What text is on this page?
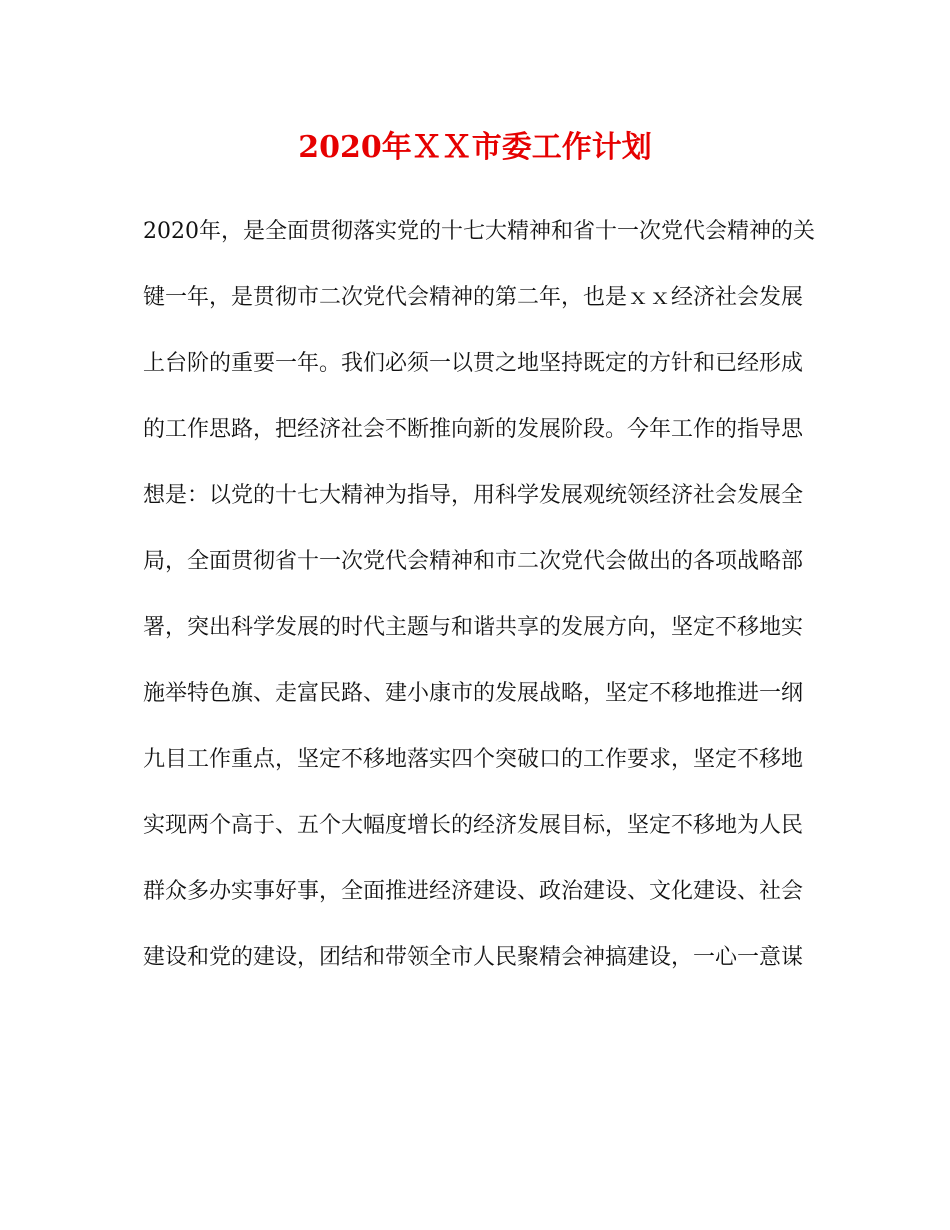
2020年ＸＸ市委工作计划
2020年，是全面贯彻落实党的十七大精神和省十一次党代会精神的关
键一年，是贯彻市二次党代会精神的第二年，也是ｘｘ经济社会发展
上台阶的重要一年。我们必须一以贯之地坚持既定的方针和已经形成
的工作思路，把经济社会不断推向新的发展阶段。今年工作的指导思
想是：以党的十七大精神为指导，用科学发展观统领经济社会发展全
局，全面贯彻省十一次党代会精神和市二次党代会做出的各项战略部
署，突出科学发展的时代主题与和谐共享的发展方向，坚定不移地实
施举特色旗、走富民路、建小康市的发展战略，坚定不移地推进一纲
九目工作重点，坚定不移地落实四个突破口的工作要求，坚定不移地
实现两个高于、五个大幅度增长的经济发展目标，坚定不移地为人民
群众多办实事好事，全面推进经济建设、政治建设、文化建设、社会
建设和党的建设，团结和带领全市人民聚精会神搞建设，一心一意谋
